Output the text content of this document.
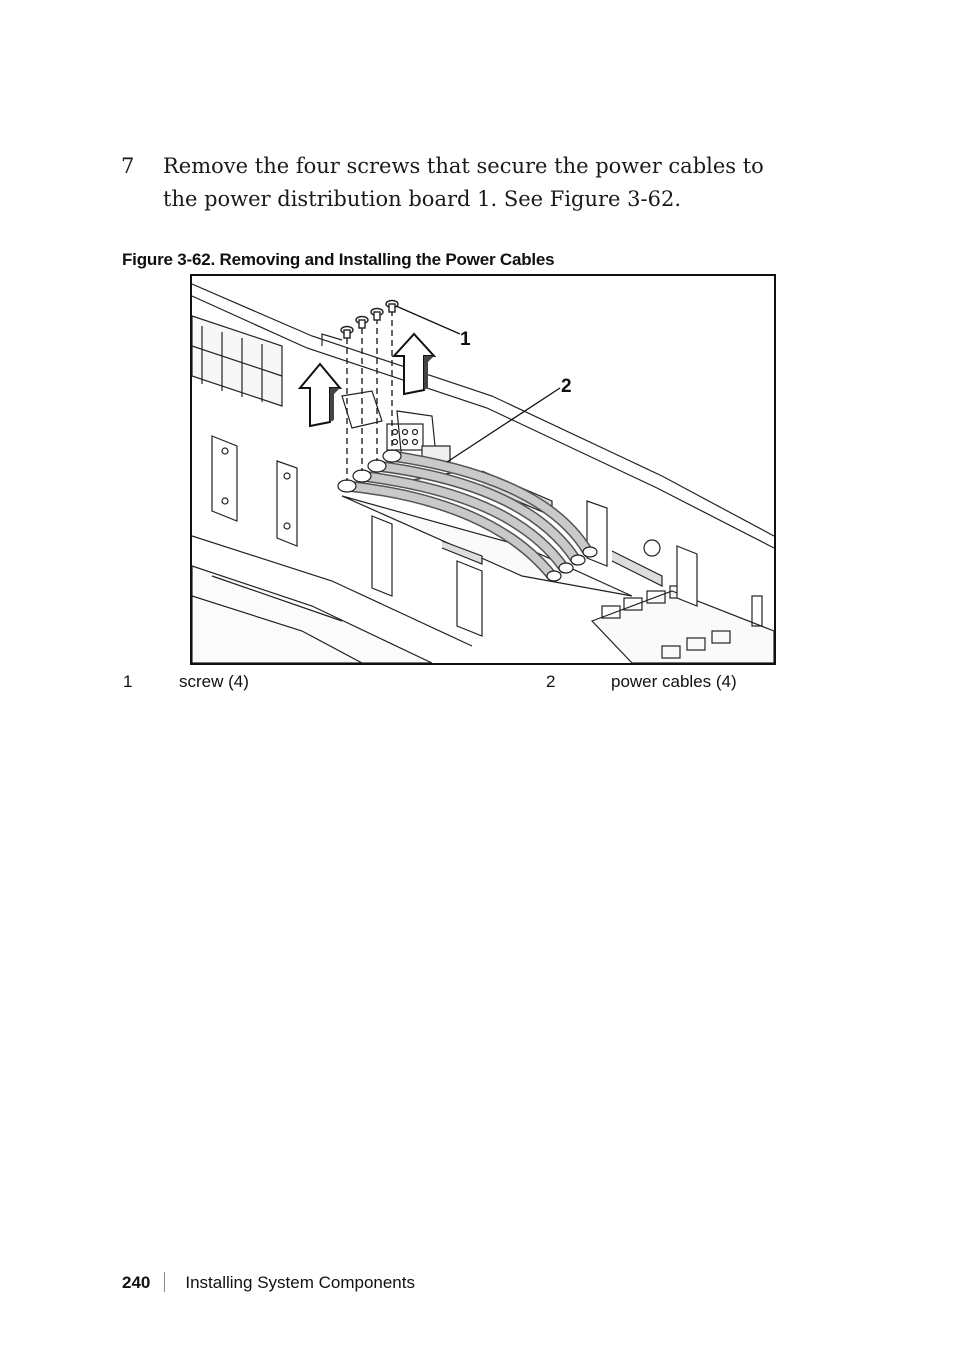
7 Remove the four screws that secure the power cables to the power distribution board 1. See Figure 3-62.
Figure 3-62. Removing and Installing the Power Cables
1
2
1	screw (4)	2	power cables (4)
240 Installing System Components
